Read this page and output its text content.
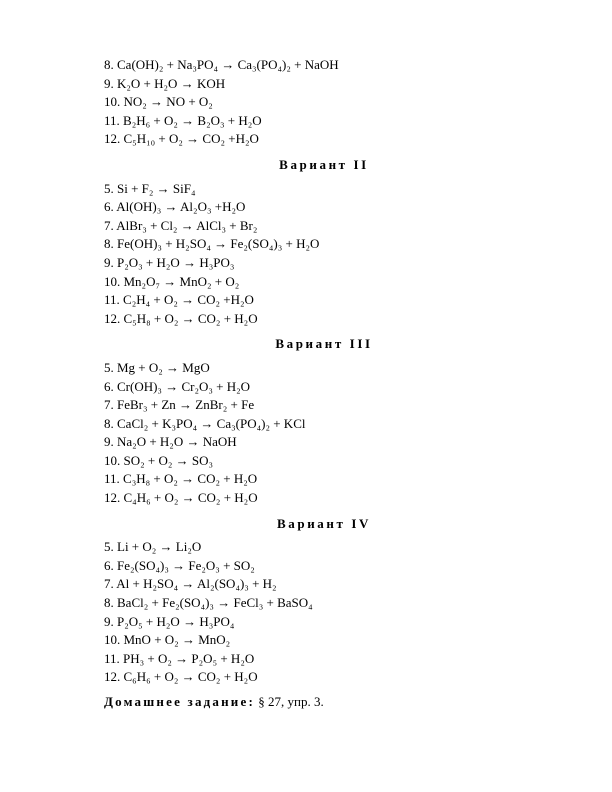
8. Ca(OH)₂ + Na₃PO₄ → Ca₃(PO₄)₂ + NaOH
9. K₂O + H₂O → KOH
10. NO₂ → NO + O₂
11. B₂H₆ + O₂ → B₂O₃ + H₂O
12. C₅H₁₀ + O₂ → CO₂ +H₂O
Вариант II
5. Si + F₂ → SiF₄
6. Al(OH)₃ → Al₂O₃ +H₂O
7. AlBr₃ + Cl₂ → AlCl₃ + Br₂
8. Fe(OH)₃ + H₂SO₄ → Fe₂(SO₄)₃ + H₂O
9. P₂O₃ + H₂O → H₃PO₃
10. Mn₂O₇ → MnO₂ + O₂
11. C₂H₄ + O₂ → CO₂ +H₂O
12. C₅H₈ + O₂ → CO₂ + H₂O
Вариант III
5. Mg + O₂ → MgO
6. Cr(OH)₃ → Cr₂O₃ + H₂O
7. FeBr₃ + Zn → ZnBr₂ + Fe
8. CaCl₂ + K₃PO₄ → Ca₃(PO₄)₂ + KCl
9. Na₂O + H₂O → NaOH
10. SO₂ + O₂ → SO₃
11. C₃H₈ + O₂ → CO₂ + H₂O
12. C₄H₆ + O₂ → CO₂ + H₂O
Вариант IV
5. Li + O₂ → Li₂O
6. Fe₂(SO₄)₃ → Fe₂O₃ + SO₂
7. Al + H₂SO₄ → Al₂(SO₄)₃ + H₂
8. BaCl₂ + Fe₂(SO₄)₃ → FeCl₃ + BaSO₄
9. P₂O₅ + H₂O → H₃PO₄
10. MnO + O₂ → MnO₂
11. PH₃ + O₂ → P₂O₅ + H₂O
12. C₆H₆ + O₂ → CO₂ + H₂O
Домашнее задание: § 27, упр. 3.
